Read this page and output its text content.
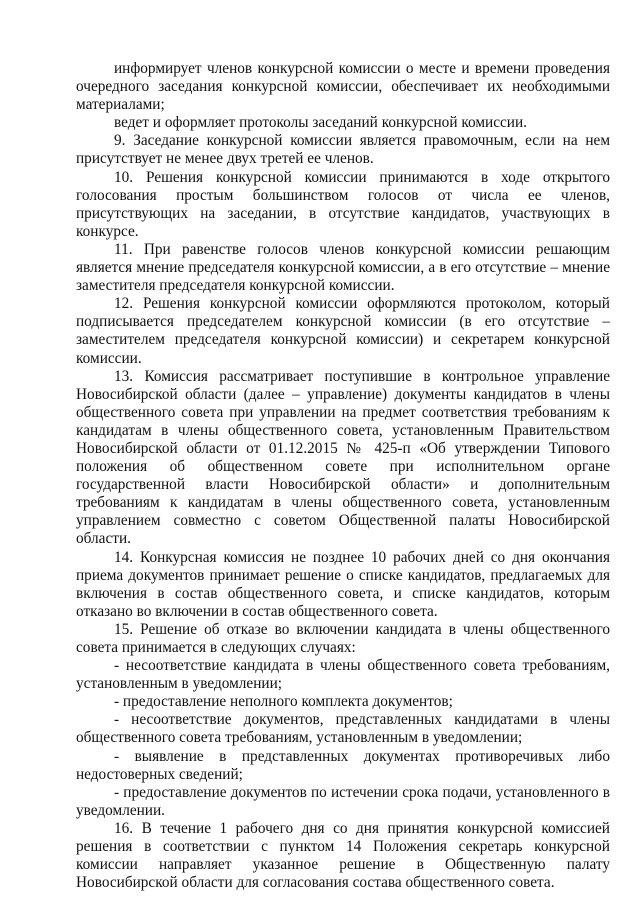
информирует членов конкурсной комиссии о месте и времени проведения очередного заседания конкурсной комиссии, обеспечивает их необходимыми материалами;

ведет и оформляет протоколы заседаний конкурсной комиссии.

9. Заседание конкурсной комиссии является правомочным, если на нем присутствует не менее двух третей ее членов.

10. Решения конкурсной комиссии принимаются в ходе открытого голосования простым большинством голосов от числа ее членов, присутствующих на заседании, в отсутствие кандидатов, участвующих в конкурсе.

11. При равенстве голосов членов конкурсной комиссии решающим является мнение председателя конкурсной комиссии, а в его отсутствие – мнение заместителя председателя конкурсной комиссии.

12. Решения конкурсной комиссии оформляются протоколом, который подписывается председателем конкурсной комиссии (в его отсутствие – заместителем председателя конкурсной комиссии) и секретарем конкурсной комиссии.

13. Комиссия рассматривает поступившие в контрольное управление Новосибирской области (далее – управление) документы кандидатов в члены общественного совета при управлении на предмет соответствия требованиям к кандидатам в члены общественного совета, установленным Правительством Новосибирской области от 01.12.2015 № 425-п «Об утверждении Типового положения об общественном совете при исполнительном органе государственной власти Новосибирской области» и дополнительным требованиям к кандидатам в члены общественного совета, установленным управлением совместно с советом Общественной палаты Новосибирской области.

14. Конкурсная комиссия не позднее 10 рабочих дней со дня окончания приема документов принимает решение о списке кандидатов, предлагаемых для включения в состав общественного совета, и списке кандидатов, которым отказано во включении в состав общественного совета.

15. Решение об отказе во включении кандидата в члены общественного совета принимается в следующих случаях:

- несоответствие кандидата в члены общественного совета требованиям, установленным в уведомлении;

- предоставление неполного комплекта документов;

- несоответствие документов, представленных кандидатами в члены общественного совета требованиям, установленным в уведомлении;

- выявление в представленных документах противоречивых либо недостоверных сведений;

- предоставление документов по истечении срока подачи, установленного в уведомлении.

16. В течение 1 рабочего дня со дня принятия конкурсной комиссией решения в соответствии с пунктом 14 Положения секретарь конкурсной комиссии направляет указанное решение в Общественную палату Новосибирской области для согласования состава общественного совета.
